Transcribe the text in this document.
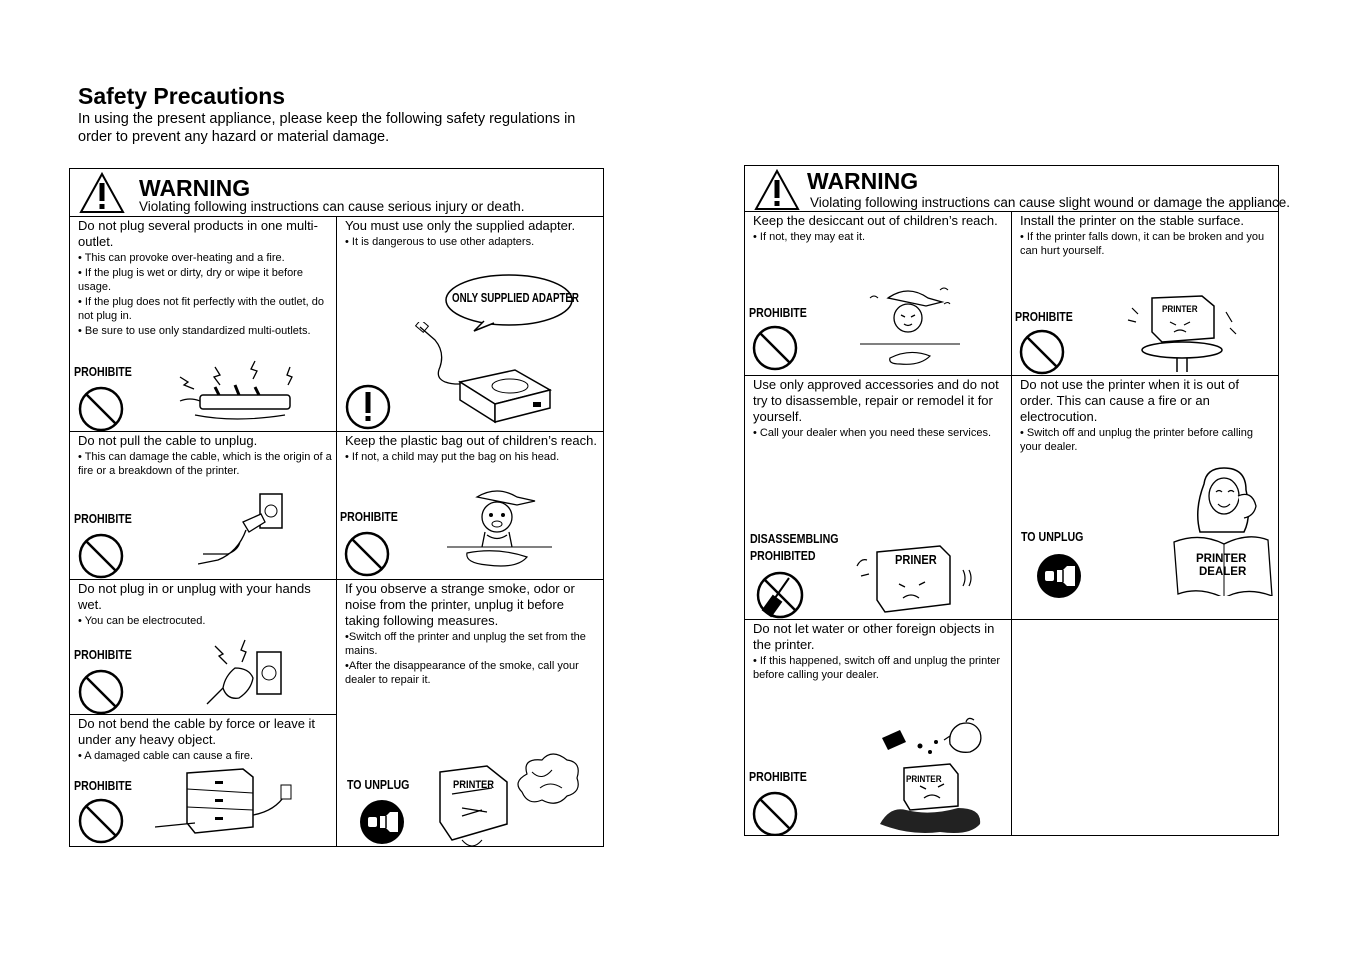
Safety Precautions

In using the present appliance, please keep the following safety regulations in order to prevent any hazard or material damage.

WARNING
Violating following instructions can cause serious injury or death.
Do not plug several products in one multi-outlet.
• This can provoke over-heating and a fire.
• If the plug is wet or dirty, dry or wipe it before usage.
• If the plug does not fit perfectly with the outlet, do not plug in.
• Be sure to use only standardized multi-outlets.
PROHIBITE
You must use only the supplied adapter.
• It is dangerous to use other adapters.
ONLY SUPPLIED ADAPTER
Do not pull the cable to unplug.
• This can damage the cable, which is the origin of a fire or a breakdown of the printer.
PROHIBITE
Keep the plastic bag out of children’s reach.
• If not, a child may put the bag on his head.
PROHIBITE
Do not plug in or unplug with your hands wet.
• You can be electrocuted.
PROHIBITE
If you observe a strange smoke, odor or noise from the printer, unplug it before taking following measures.
•Switch off the printer and unplug the set from the mains.
•After the disappearance of the smoke, call your dealer to repair it.
TO UNPLUG	PRINTER
Do not bend the cable by force or leave it under any heavy object.
• A damaged cable can cause a fire.
PROHIBITE
WARNING
Violating following instructions can cause slight wound or damage the appliance.
Keep the desiccant out of children’s reach.
• If not, they may eat it.
PROHIBITE
Install the printer on the stable surface.
• If the printer falls down, it can be broken and you can hurt yourself.
PROHIBITE
PRINTER
Use only approved accessories and do not try to disassemble, repair or remodel it for yourself.
• Call your dealer when you need these services.
DISASSEMBLING
PROHIBITED	PRINER
Do not use the printer when it is out of order. This can cause a fire or an electrocution.
• Switch off and unplug the printer before calling your dealer.
TO UNPLUG
PRINTER
DEALER
Do not let water or other foreign objects in the printer.
• If this happened, switch off and unplug the printer before calling your dealer.
PROHIBITE	PRINTER
